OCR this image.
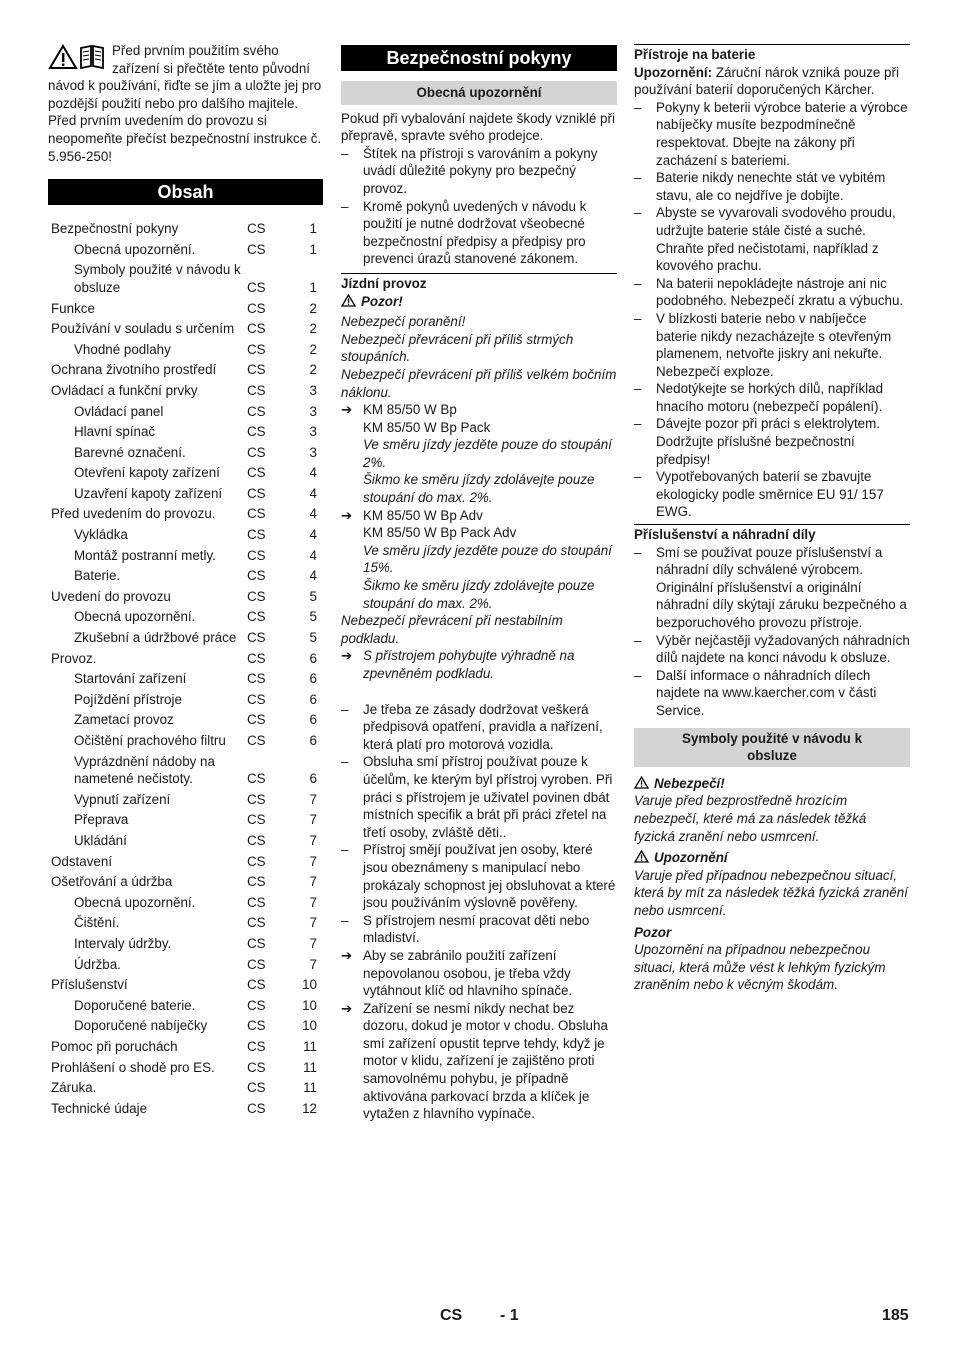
Před prvním použitím svého zařízení si přečtěte tento původní návod k používání, řiďte se jím a uložte jej pro pozdější použití nebo pro dalšího majitele.

Před prvním uvedením do provozu si neopomeňte přečíst bezpečnostní instrukce č. 5.956-250!

Obsah
Bezpečnostní pokyny	CS	1
Obecná upozornění.	CS	1
Symboly použité v návodu k obsluze	CS	1
Funkce	CS	2
Používání v souladu s určením CS	2
Vhodné podlahy	CS	2
Ochrana životního prostředí	CS	2
Ovládací a funkční prvky	CS	3
Ovládací panel	CS	3
Hlavní spínač	CS	3
Barevné označení.	CS	3
Otevření kapoty zařízení	CS	4
Uzavření kapoty zařízení	CS	4
Před uvedením do provozu.	CS	4
Vykládka	CS	4
Montáž postranní metly.	CS	4
Baterie.	CS	4
Uvedení do provozu	CS	5
Obecná upozornění.	CS	5
Zkušební a údržbové práce CS	5
Provoz.	CS	6
Startování zařízení	CS	6
Pojíždění přístroje	CS	6
Zametací provoz	CS	6
Očištění prachového filtru	CS	6
Vyprázdnění nádoby na nametené nečistoty.	CS	6
Vypnutí zařízení	CS	7
Přeprava	CS	7
Ukládání	CS	7
Odstavení	CS	7
Ošetřování a údržba	CS	7
Obecná upozornění.	CS	7
Čištění.	CS	7
Intervaly údržby.	CS	7
Údržba.	CS	7
Příslušenství	CS	10
Doporučené baterie.	CS	10
Doporučené nabíječky	CS	10
Pomoc při poruchách	CS	11
Prohlášení o shodě pro ES.	CS	11
Záruka.	CS	11
Technické údaje	CS	12
Bezpečnostní pokyny
Obecná upozornění

Pokud při vybalování najdete škody vzniklé při přepravě, spravte svého prodejce.

– Štítek na přístroji s varováním a pokyny uvádí důležité pokyny pro bezpečný provoz.
– Kromě pokynů uvedených v návodu k použití je nutné dodržovat všeobecné bezpečnostní předpisy a předpisy pro prevenci úrazů stanovené zákonem.
Jízdní provoz

Pozor!

Nebezpečí poranění!

Nebezpečí převrácení při příliš strmých stoupáních.

Nebezpečí převrácení při příliš velkém bočním náklonu.

➔ KM 85/50 W Bp
KM 85/50 W Bp Pack

Ve směru jízdy jezděte pouze do stoupání 2%.

Šikmo ke směru jízdy zdolávejte pouze stoupání do max. 2%.

➔ KM 85/50 W Bp Adv
KM 85/50 W Bp Pack Adv

Ve směru jízdy jezděte pouze do stoupání 15%.

Šikmo ke směru jízdy zdolávejte pouze stoupání do max. 2%.

Nebezpečí převrácení při nestabilním podkladu.

➔ S přístrojem pohybujte výhradně na zpevněném podkladu.
– Je třeba ze zásady dodržovat veškerá předpisová opatření, pravidla a nařízení, která platí pro motorová vozidla.
– Obsluha smí přístroj používat pouze k účelům, ke kterým byl přístroj vyroben. Při práci s přístrojem je uživatel povinen dbát místních specifik a brát při práci zřetel na třetí osoby, zvláště děti..
– Přístroj smějí používat jen osoby, které jsou obeznámeny s manipulací nebo prokázaly schopnost jej obsluhovat a které jsou používáním výslovně pověřeny.
– S přístrojem nesmí pracovat děti nebo mladiství.
➔ Aby se zabránilo použití zařízení nepovolanou osobou, je třeba vždy vytáhnout klíč od hlavního spínače.
➔ Zařízení se nesmí nikdy nechat bez dozoru, dokud je motor v chodu. Obsluha smí zařízení opustit teprve tehdy, když je motor v klidu, zařízení je zajištěno proti samovolnému pohybu, je případně aktivována parkovací brzda a klíček je vytažen z hlavního vypínače.
Přístroje na baterie

Upozornění: Záruční nárok vzniká pouze při používání baterií doporučených Kärcher.

– Pokyny k beterii výrobce baterie a výrobce nabíječky musíte bezpodmínečně respektovat. Dbejte na zákony při zacházení s bateriemi.
– Baterie nikdy nenechte stát ve vybitém stavu, ale co nejdříve je dobijte.
– Abyste se vyvarovali svodového proudu, udržujte baterie stále čisté a suché. Chraňte před nečistotami, například z kovového prachu.
– Na baterii nepokládejte nástroje ani nic podobného. Nebezpečí zkratu a výbuchu.
– V blízkosti baterie nebo v nabíječce baterie nikdy nezacházejte s otevřeným plamenem, netvořte jiskry ani nekuřte. Nebezpečí exploze.
– Nedotýkejte se horkých dílů, například hnacího motoru (nebezpečí popálení).
– Dávejte pozor při práci s elektrolytem. Dodržujte příslušné bezpečnostní předpisy!
– Vypotřebovaných baterií se zbavujte ekologicky podle směrnice EU 91/ 157 EWG.
Příslušenství a náhradní díly
– Smí se používat pouze příslušenství a náhradní díly schválené výrobcem. Originální příslušenství a originální náhradní díly skýtají záruku bezpečného a bezporuchového provozu přístroje.
– Výběr nejčastěji vyžadovaných náhradních dílů najdete na konci návodu k obsluze.
– Další informace o náhradních dílech najdete na www.kaercher.com v části Service.
Symboly použité v návodu k obsluze

Nebezpečí!

Varuje před bezprostředně hrozícím nebezpečí, které má za následek těžká fyzická zranění nebo usmrcení.

Upozornění

Varuje před případnou nebezpečnou situací, která by mít za následek těžká fyzická zranění nebo usmrcení.

Pozor

Upozornění na případnou nebezpečnou situaci, která může vést k lehkým fyzickým zraněním nebo k věcným škodám.

CS - 1	185
